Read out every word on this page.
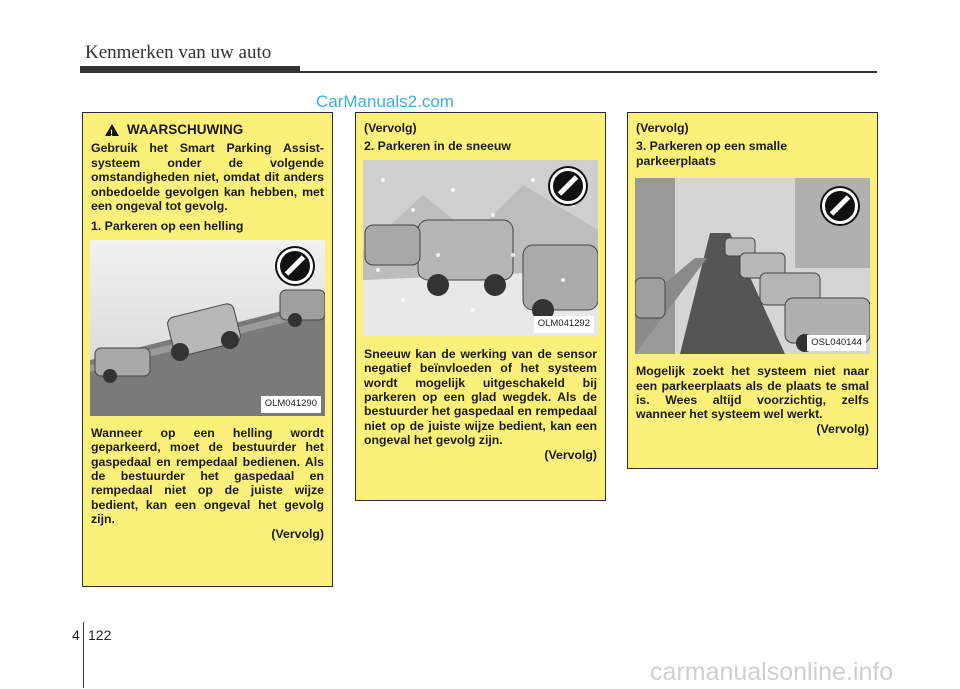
Kenmerken van uw auto
CarManuals2.com
! WAARSCHUWING

Gebruik het Smart Parking Assist-systeem onder de volgende omstandigheden niet, omdat dit anders onbedoelde gevolgen kan hebben, met een ongeval tot gevolg.

1. Parkeren op een helling

OLM041290

Wanneer op een helling wordt geparkeerd, moet de bestuurder het gaspedaal en rempedaal bedienen. Als de bestuurder het gaspedaal en rempedaal niet op de juiste wijze bedient, kan een ongeval het gevolg zijn.

(Vervolg)

(Vervolg)

2. Parkeren in de sneeuw

OLM041292

Sneeuw kan de werking van de sensor negatief beïnvloeden of het systeem wordt mogelijk uitgeschakeld bij parkeren op een glad wegdek. Als de bestuurder het gaspedaal en rempedaal niet op de juiste wijze bedient, kan een ongeval het gevolg zijn.

(Vervolg)

(Vervolg)

3. Parkeren op een smalle parkeerplaats

OSL040144

Mogelijk zoekt het systeem niet naar een parkeerplaats als de plaats te smal is. Wees altijd voorzichtig, zelfs wanneer het systeem wel werkt.

(Vervolg)

4 122
carmanualsonline.info
